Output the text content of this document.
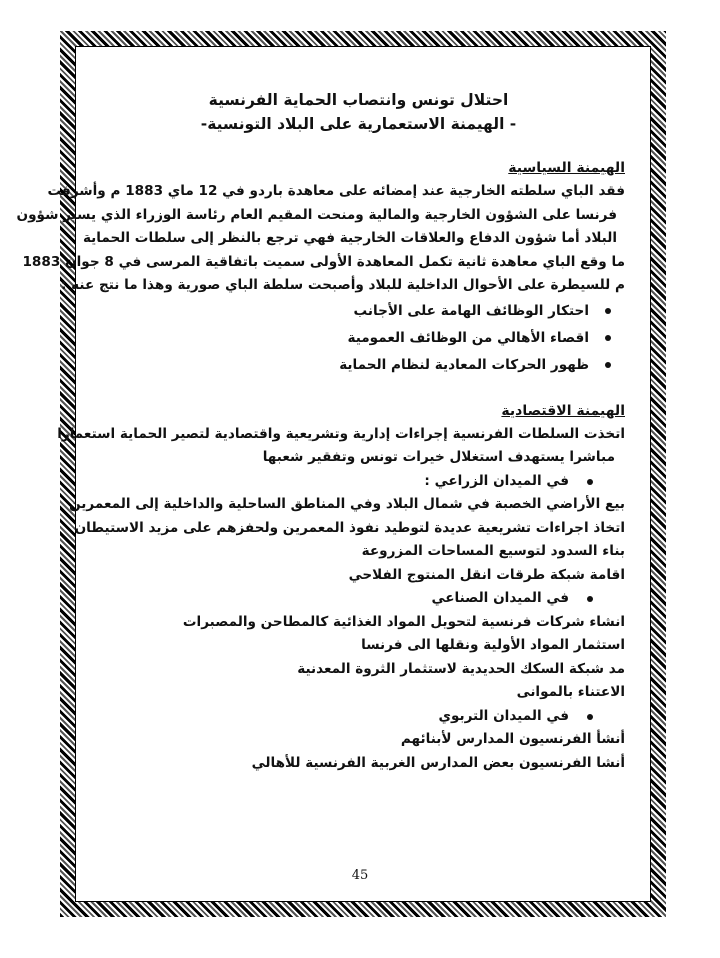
احتلال تونس وانتصاب الحماية الفرنسية
- الهيمنة الاستعمارية على البلاد التونسية-
الهيمنة السياسية
فقد الباي سلطته الخارجية عند إمضائه على معاهدة باردو في 12 ماي 1883 م وأشرفت
فرنسا على الشؤون الخارجية والمالية ومنحت المقيم العام رئاسة الوزراء الذي يسير شؤون
البلاد أما شؤون الدفاع والعلاقات الخارجية فهي ترجع بالنظر إلى سلطات الحماية
ما وقع الباي معاهدة ثانية تكمل المعاهدة الأولى سميت باتفاقية المرسى في 8 جوان 1883
م للسيطرة على الأحوال الداخلية للبلاد وأصبحت سلطة الباي صورية وهذا ما نتج عنه :
احتكار الوظائف الهامة على الأجانب
اقصاء الأهالي من الوظائف العمومية
ظهور الحركات المعادية لنظام الحماية
الهيمنة الاقتصادية
اتخذت السلطات الفرنسية إجراءات إدارية وتشريعية واقتصادية لتصير الحماية استعمارا
مباشرا يستهدف استغلال خيرات تونس وتفقير شعبها
في الميدان الزراعي :
بيع الأراضي الخصبة في شمال البلاد وفي المناطق الساحلية والداخلية إلى المعمرين
اتخاذ اجراءات تشريعية عديدة لتوطيد نفوذ المعمرين ولحفزهم على مزيد الاستيطان
بناء السدود لتوسيع المساحات المزروعة
اقامة شبكة طرقات انقل المنتوج الفلاحي
في الميدان الصناعي
انشاء شركات فرنسية لتحويل المواد الغذائية كالمطاحن والمصبرات
استثمار المواد الأولية ونقلها الى فرنسا
مد شبكة السكك الحديدية لاستثمار الثروة المعدنية
الاعتناء بالموانى
في الميدان التربوي
أنشأ الفرنسيون المدارس لأبنائهم
أنشا الفرنسيون بعض المدارس الغربية الفرنسية للأهالي
45
